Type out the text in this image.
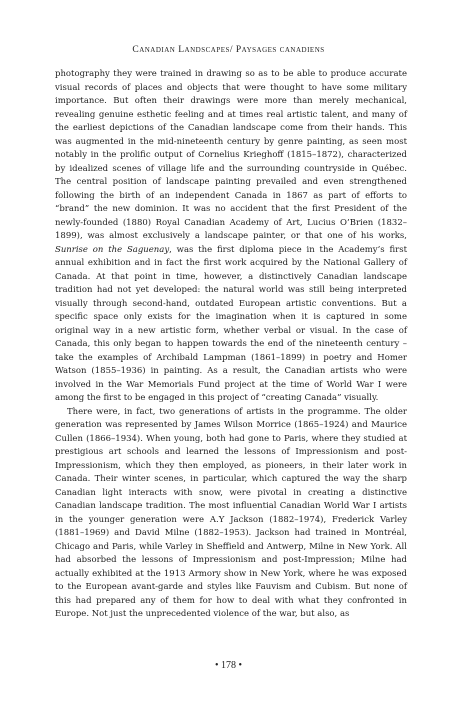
Canadian Landscapes/ Paysages canadiens

photography they were trained in drawing so as to be able to produce accurate visual records of places and objects that were thought to have some military importance. But often their drawings were more than merely mechanical, revealing genuine esthetic feeling and at times real artistic talent, and many of the earliest depictions of the Canadian landscape come from their hands. This was augmented in the mid-nineteenth century by genre painting, as seen most notably in the prolific output of Cornelius Krieghoff (1815–1872), characterized by idealized scenes of village life and the surrounding countryside in Québec. The central position of landscape painting prevailed and even strengthened following the birth of an independent Canada in 1867 as part of efforts to “brand” the new dominion. It was no accident that the first President of the newly-founded (1880) Royal Canadian Academy of Art, Lucius O’Brien (1832–1899), was almost exclusively a landscape painter, or that one of his works, Sunrise on the Saguenay, was the first diploma piece in the Academy’s first annual exhibition and in fact the first work acquired by the National Gallery of Canada. At that point in time, however, a distinctively Canadian landscape tradition had not yet developed: the natural world was still being interpreted visually through second-hand, outdated European artistic conventions. But a specific space only exists for the imagination when it is captured in some original way in a new artistic form, whether verbal or visual. In the case of Canada, this only began to happen towards the end of the nineteenth century – take the examples of Archibald Lampman (1861–1899) in poetry and Homer Watson (1855–1936) in painting. As a result, the Canadian artists who were involved in the War Memorials Fund project at the time of World War I were among the first to be engaged in this project of “creating Canada” visually.

There were, in fact, two generations of artists in the programme. The older generation was represented by James Wilson Morrice (1865–1924) and Maurice Cullen (1866–1934). When young, both had gone to Paris, where they studied at prestigious art schools and learned the lessons of Impressionism and post-Impressionism, which they then employed, as pioneers, in their later work in Canada. Their winter scenes, in particular, which captured the way the sharp Canadian light interacts with snow, were pivotal in creating a distinctive Canadian landscape tradition. The most influential Canadian World War I artists in the younger generation were A.Y Jackson (1882–1974), Frederick Varley (1881–1969) and David Milne (1882–1953). Jackson had trained in Montréal, Chicago and Paris, while Varley in Sheffield and Antwerp, Milne in New York. All had absorbed the lessons of Impressionism and post-Impression; Milne had actually exhibited at the 1913 Armory show in New York, where he was exposed to the European avant-garde and styles like Fauvism and Cubism. But none of this had prepared any of them for how to deal with what they confronted in Europe. Not just the unprecedented violence of the war, but also, as

• 178 •
